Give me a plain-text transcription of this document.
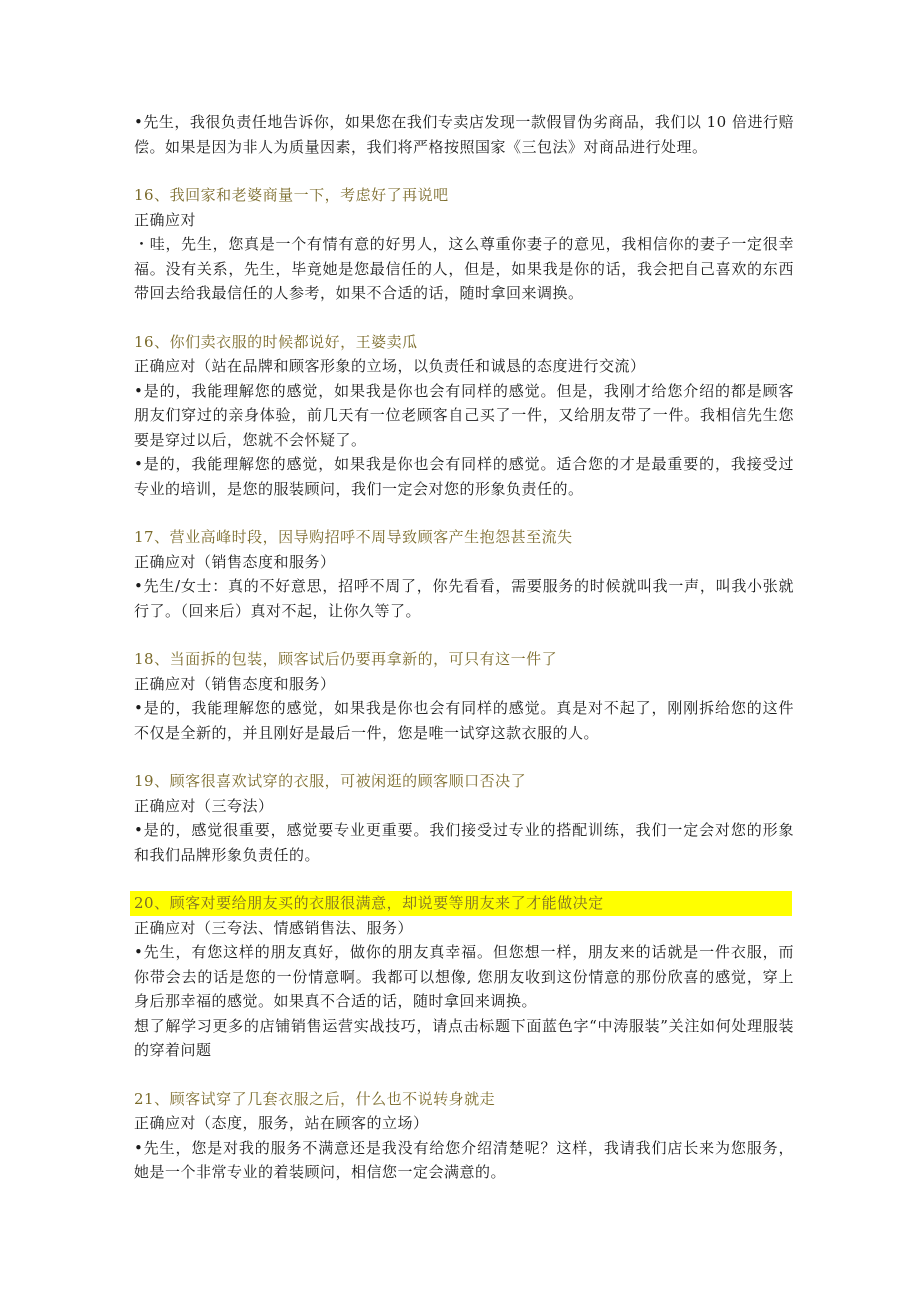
•先生，我很负责任地告诉你，如果您在我们专卖店发现一款假冒伪劣商品，我们以 10 倍进行赔偿。如果是因为非人为质量因素，我们将严格按照国家《三包法》对商品进行处理。

16、我回家和老婆商量一下，考虑好了再说吧

正确应对

・哇，先生，您真是一个有情有意的好男人，这么尊重你妻子的意见，我相信你的妻子一定很幸福。没有关系，先生，毕竟她是您最信任的人，但是，如果我是你的话，我会把自己喜欢的东西带回去给我最信任的人参考，如果不合适的话，随时拿回来调换。

16、你们卖衣服的时候都说好，王婆卖瓜

正确应对（站在品牌和顾客形象的立场，以负责任和诚恳的态度进行交流）

•是的，我能理解您的感觉，如果我是你也会有同样的感觉。但是，我刚才给您介绍的都是顾客朋友们穿过的亲身体验，前几天有一位老顾客自己买了一件，又给朋友带了一件。我相信先生您要是穿过以后，您就不会怀疑了。

•是的，我能理解您的感觉，如果我是你也会有同样的感觉。适合您的才是最重要的，我接受过专业的培训，是您的服装顾问，我们一定会对您的形象负责任的。

17、营业高峰时段，因导购招呼不周导致顾客产生抱怨甚至流失

正确应对（销售态度和服务）

•先生/女士：真的不好意思，招呼不周了，你先看看，需要服务的时候就叫我一声，叫我小张就行了。（回来后）真对不起，让你久等了。

18、当面拆的包装，顾客试后仍要再拿新的，可只有这一件了

正确应对（销售态度和服务）

•是的，我能理解您的感觉，如果我是你也会有同样的感觉。真是对不起了，刚刚拆给您的这件不仅是全新的，并且刚好是最后一件，您是唯一试穿这款衣服的人。

19、顾客很喜欢试穿的衣服，可被闲逛的顾客顺口否决了

正确应对（三夸法）

•是的，感觉很重要，感觉要专业更重要。我们接受过专业的搭配训练，我们一定会对您的形象和我们品牌形象负责任的。

20、顾客对要给朋友买的衣服很满意，却说要等朋友来了才能做决定

正确应对（三夸法、情感销售法、服务）

•先生，有您这样的朋友真好，做你的朋友真幸福。但您想一样，朋友来的话就是一件衣服，而你带会去的话是您的一份情意啊。我都可以想像, 您朋友收到这份情意的那份欣喜的感觉，穿上身后那幸福的感觉。如果真不合适的话，随时拿回来调换。

想了解学习更多的店铺销售运营实战技巧，请点击标题下面蓝色字“中涛服装”关注如何处理服装的穿着问题

21、顾客试穿了几套衣服之后，什么也不说转身就走

正确应对（态度，服务，站在顾客的立场）

•先生，您是对我的服务不满意还是我没有给您介绍清楚呢？这样，我请我们店长来为您服务，她是一个非常专业的着装顾问，相信您一定会满意的。
